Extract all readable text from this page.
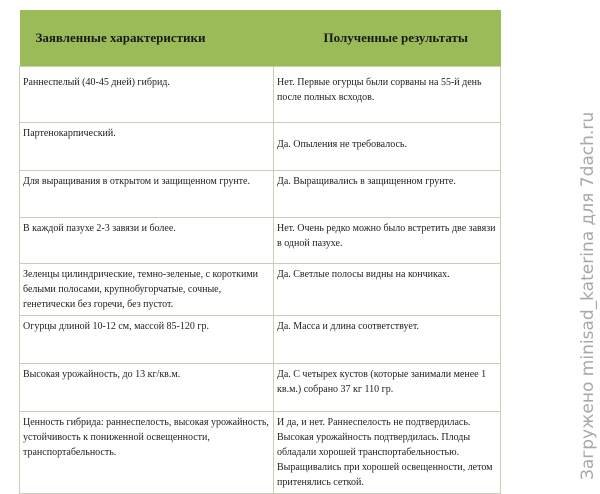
Заявленные характеристики	Полученные результаты
Раннеспелый (40-45 дней) гибрид.	Нет. Первые огурцы были сорваны на 55-й день после полных всходов.
Партенокарпический.	Да. Опыления не требовалось.
Для выращивания в открытом и защищенном грунте.	Да. Выращивались в защищенном грунте.
В каждой пазухе 2-3 завязи и более.	Нет. Очень редко можно было встретить две завязи в одной пазухе.
Зеленцы цилиндрические, темно-зеленые, с короткими белыми полосами, крупнобугорчатые, сочные, генетически без горечи, без пустот.	Да. Светлые полосы видны на кончиках.
Огурцы длиной 10-12 см, массой 85-120 гр.	Да. Масса и длина соответствует.
Высокая урожайность, до 13 кг/кв.м.	Да. С четырех кустов (которые занимали менее 1 кв.м.) собрано 37 кг 110 гр.
Ценность гибрида: раннеспелость, высокая урожайность, устойчивость к пониженной освещенности, транспортабельность.	И да, и нет. Раннеспелость не подтвердилась. Высокая урожайность подтвердилась. Плоды обладали хорошей транспортабельностью. Выращивались при хорошей освещенности, летом притенялись сеткой.
Загружено minisad_katerina для 7dach.ru
